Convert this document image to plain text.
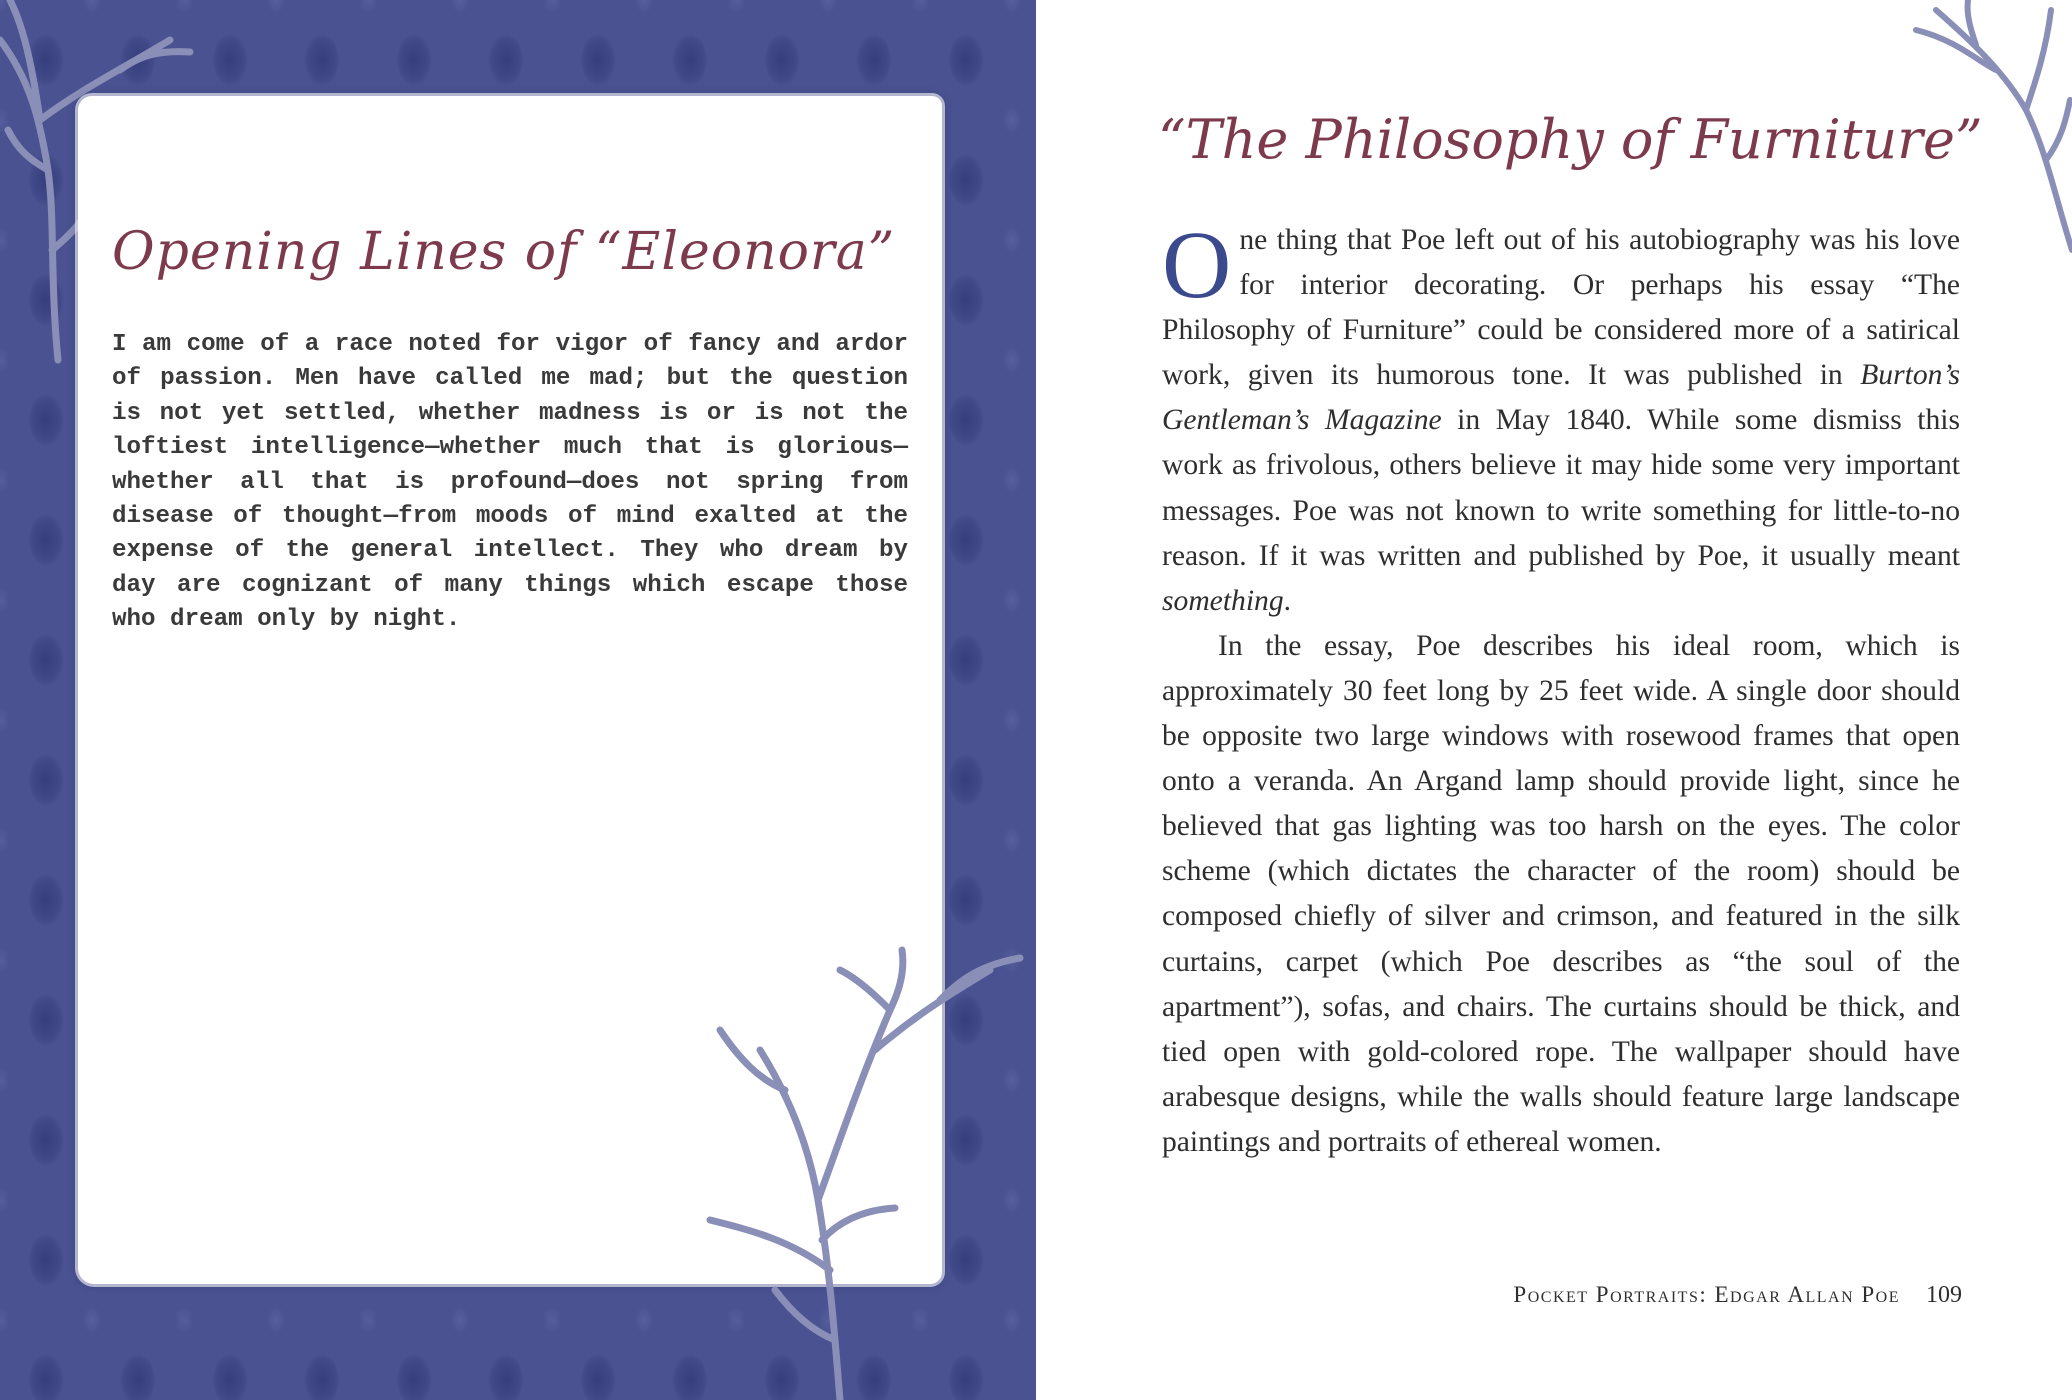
Opening Lines of “Eleonora”
I am come of a race noted for vigor of fancy and ardor of passion. Men have called me mad; but the question is not yet settled, whether madness is or is not the loftiest intelligence—whether much that is glorious—whether all that is profound—does not spring from disease of thought—from moods of mind exalted at the expense of the general intellect. They who dream by day are cognizant of many things which escape those who dream only by night.
“The Philosophy of Furniture”

One thing that Poe left out of his autobiography was his love for interior decorating. Or perhaps his essay “The Philosophy of Furniture” could be considered more of a satirical work, given its humorous tone. It was published in Burton’s Gentleman’s Magazine in May 1840. While some dismiss this work as frivolous, others believe it may hide some very important messages. Poe was not known to write something for little-to-no reason. If it was written and published by Poe, it usually meant something.

In the essay, Poe describes his ideal room, which is approximately 30 feet long by 25 feet wide. A single door should be opposite two large windows with rosewood frames that open onto a veranda. An Argand lamp should provide light, since he believed that gas lighting was too harsh on the eyes. The color scheme (which dictates the character of the room) should be composed chiefly of silver and crimson, and featured in the silk curtains, carpet (which Poe describes as “the soul of the apartment”), sofas, and chairs. The curtains should be thick, and tied open with gold-colored rope. The wallpaper should have arabesque designs, while the walls should feature large landscape paintings and portraits of ethereal women.

Pocket Portraits: Edgar Allan Poe 109
